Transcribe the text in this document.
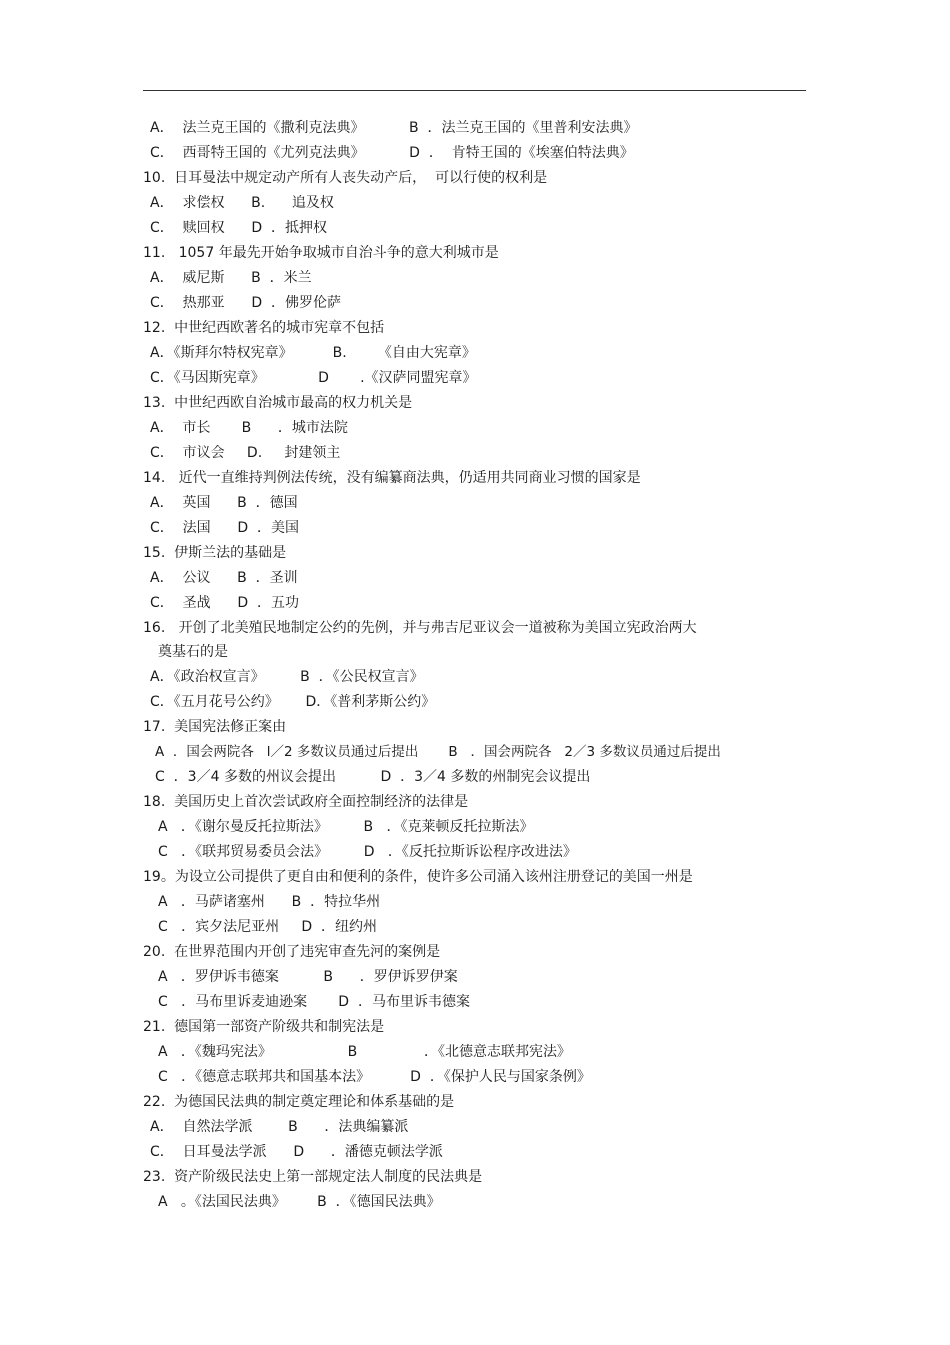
A．  法兰克王国的《撒利克法典》          B  ．法兰克王国的《里普利安法典》
C．  西哥特王国的《尤列克法典》          D  ．  肯特王国的《埃塞伯特法典》
10.  日耳曼法中规定动产所有人丧失动产后，  可以行使的权利是
A．  求偿权      B.      追及权
C．  赎回权      D  ．抵押权
11.   1057 年最先开始争取城市自治斗争的意大利城市是
A．  威尼斯      B  ．米兰
C．  热那亚      D  ．佛罗伦萨
12.  中世纪西欧著名的城市宪章不包括
A．《斯拜尔特权宪章》         B.       《自由大宪章》
C．《马因斯宪章》            D       .《汉萨同盟宪章》
13.  中世纪西欧自治城市最高的权力机关是
A．  市长       B      ．城市法院
C．  市议会     D.     封建领主
14.   近代一直维持判例法传统，没有编纂商法典，仍适用共同商业习惯的国家是
A．  英国      B  ．德国
C．  法国      D  ．美国
15.  伊斯兰法的基础是
A．  公议      B  ．圣训
C．  圣战      D  ．五功
16.   开创了北美殖民地制定公约的先例，并与弗吉尼亚议会一道被称为美国立宪政治两大
奠基石的是
A．《政治权宣言》        B  ．《公民权宣言》
C．《五月花号公约》      D．《普利茅斯公约》
17.  美国宪法修正案由
A  ．国会两院各   l／2 多数议员通过后提出       B   ．国会两院各   2／3 多数议员通过后提出
C  ．3／4 多数的州议会提出          D  ．3／4 多数的州制宪会议提出
18.  美国历史上首次尝试政府全面控制经济的法律是
A   ．《谢尔曼反托拉斯法》        B   ．《克莱顿反托拉斯法》
C   ．《联邦贸易委员会法》        D   ．《反托拉斯诉讼程序改进法》
19。为设立公司提供了更自由和便利的条件，使许多公司涌入该州注册登记的美国一州是
A   ．马萨诸塞州      B  ．特拉华州
C   ．宾夕法尼亚州     D  ．纽约州
20.  在世界范围内开创了违宪审查先河的案例是
A   ．罗伊诉韦德案          B      ．罗伊诉罗伊案
C   ．马布里诉麦迪逊案       D  ．马布里诉韦德案
21.  德国第一部资产阶级共和制宪法是
A   ．《魏玛宪法》                 B               ．《北德意志联邦宪法》
C   ．《德意志联邦共和国基本法》         D  ．《保护人民与国家条例》
22.  为德国民法典的制定奠定理论和体系基础的是
A．  自然法学派        B      ．法典编纂派
C．  日耳曼法学派      D      ．潘德克顿法学派
23.  资产阶级民法史上第一部规定法人制度的民法典是
A   。《法国民法典》       B  ．《德国民法典》
